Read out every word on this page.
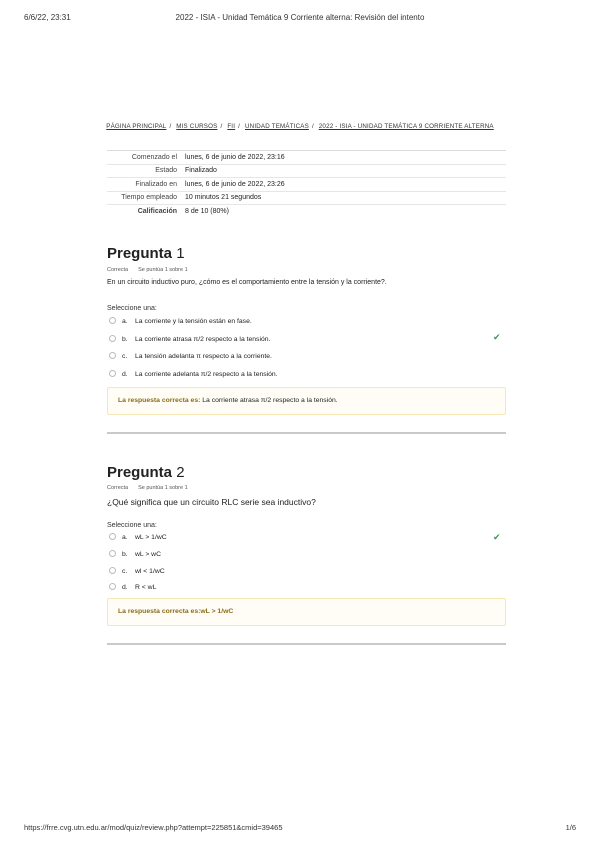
6/6/22, 23:31	2022 - ISIA - Unidad Temática 9 Corriente alterna: Revisión del intento
PÁGINA PRINCIPAL / MIS CURSOS / FII / UNIDAD TEMÁTICAS / 2022 - ISIA - UNIDAD TEMÁTICA 9 CORRIENTE ALTERNA
Comenzado el	lunes, 6 de junio de 2022, 23:16
Estado	Finalizado
Finalizado en	lunes, 6 de junio de 2022, 23:26
Tiempo empleado	10 minutos 21 segundos
Calificación	8 de 10 (80%)
Pregunta 1
Correcta Se puntúa 1 sobre 1
En un circuito inductivo puro, ¿cómo es el comportamiento entre la tensión y la corriente?.
Seleccione una:
a. La corriente y la tensión están en fase.
b. La corriente atrasa π/2 respecto a la tensión.	✔
c. La tensión adelanta π respecto a la corriente.
d. La corriente adelanta π/2 respecto a la tensión.
La respuesta correcta es: La corriente atrasa π/2 respecto a la tensión.
Pregunta 2
Correcta Se puntúa 1 sobre 1
¿Qué significa que un circuito RLC serie sea inductivo?
Seleccione una:
a. wL > 1/wC	✔
b. wL > wC
c. wl < 1/wC
d. R < wL
La respuesta correcta es:wL > 1/wC
https://frre.cvg.utn.edu.ar/mod/quiz/review.php?attempt=225851&cmid=39465	1/6
